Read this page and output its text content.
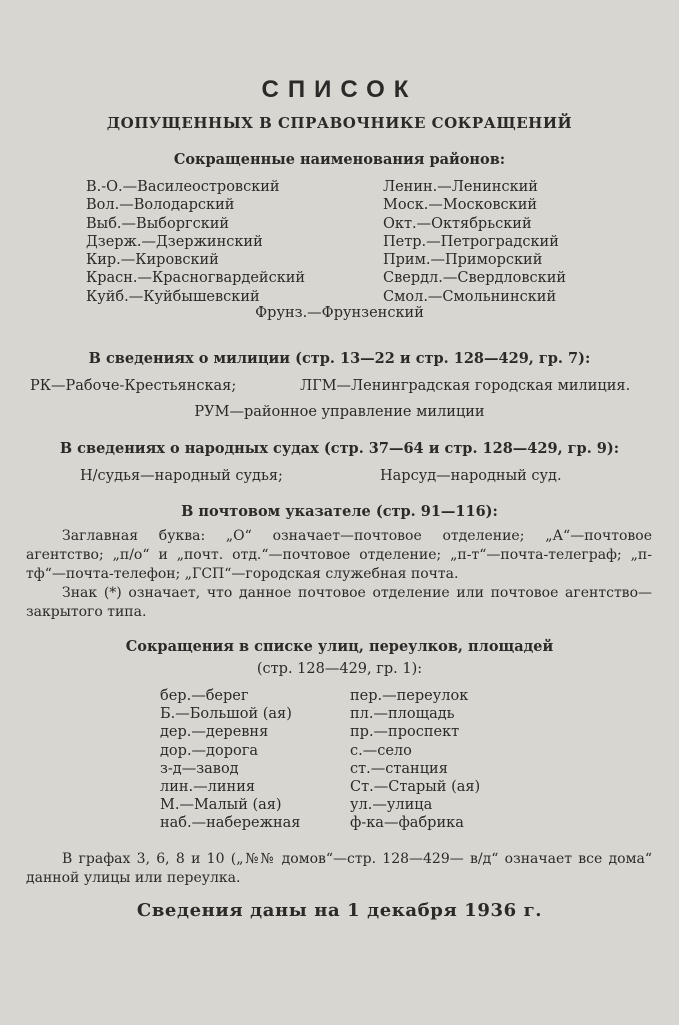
СПИСОК
ДОПУЩЕННЫХ В СПРАВОЧНИКЕ СОКРАЩЕНИЙ
Сокращенные наименования районов:
В.-О.—Василеостровский
Вол.—Володарский
Выб.—Выборгский
Дзерж.—Дзержинский
Кир.—Кировский
Красн.—Красногвардейский
Куйб.—Куйбышевский
Ленин.—Ленинский
Моск.—Московский
Окт.—Октябрьский
Петр.—Петроградский
Прим.—Приморский
Свердл.—Свердловский
Смол.—Смольнинский
Фрунз.—Фрунзенский
В сведениях о милиции (стр. 13—22 и стр. 128—429, гр. 7):
РК—Рабоче-Крестьянская;	ЛГМ—Ленинградская городская милиция.
РУМ—районное управление милиции
В сведениях о народных судах (стр. 37—64 и стр. 128—429, гр. 9):
Н/судья—народный судья;	Нарсуд—народный суд.
В почтовом указателе (стр. 91—116):

Заглавная буква: „О“ означает—почтовое отделение; „А“—почтовое агентство; „п/о“ и „почт. отд.“—почтовое отделение; „п-т“—почта-телеграф; „п-тф“—почта-телефон; „ГСП“—городская служебная почта.

Знак (*) означает, что данное почтовое отделение или почтовое агентство—закрытого типа.

Сокращения в списке улиц, переулков, площадей
(стр. 128—429, гр. 1):
бер.—берег
Б.—Большой (ая)
дер.—деревня
дор.—дорога
з-д—завод
лин.—линия
М.—Малый (ая)
наб.—набережная
пер.—переулок
пл.—площадь
пр.—проспект
с.—село
ст.—станция
Ст.—Старый (ая)
ул.—улица
ф-ка—фабрика

В графах 3, 6, 8 и 10 („№№ домов“—стр. 128—429— в/д“ означает все дома“ данной улицы или переулка.

Сведения даны на 1 декабря 1936 г.
